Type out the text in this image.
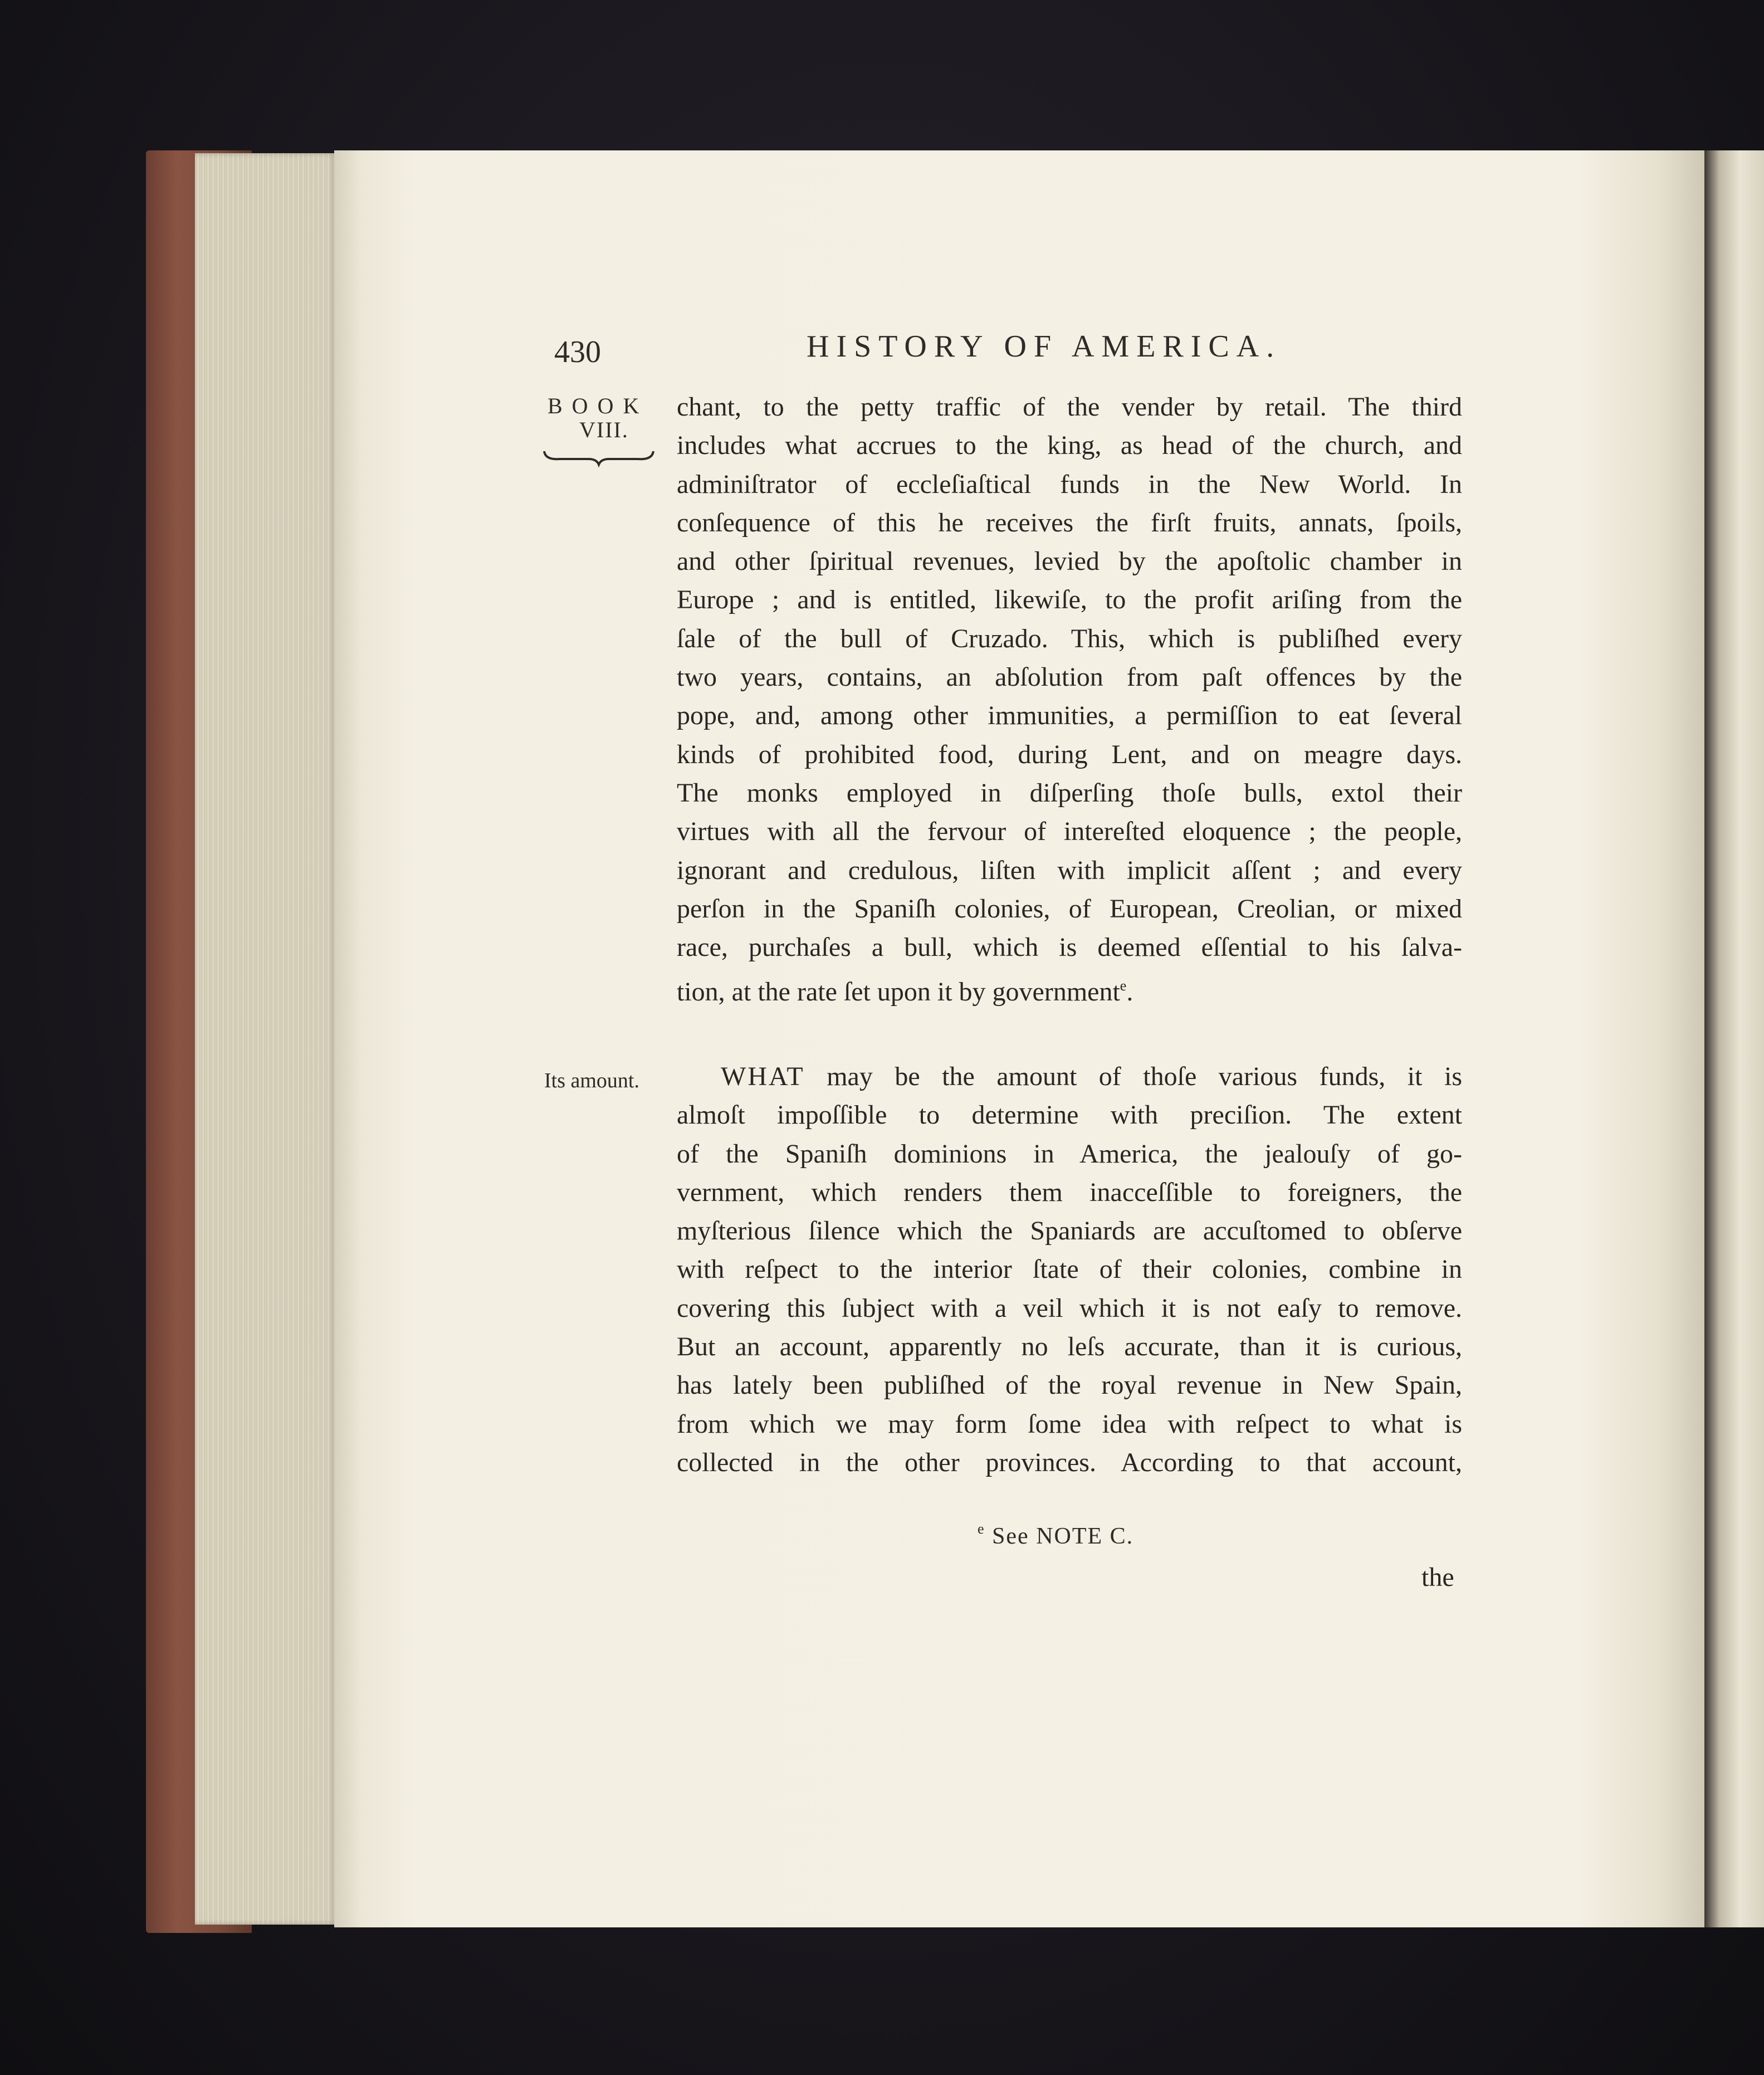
430	HISTORY OF AMERICA.
BOOK
VIII.
Its amount.
chant, to the petty traffic of the vender by retail. The third
includes what accrues to the king, as head of the church, and
adminiſtrator of eccleſiaſtical funds in the New World. In
conſequence of this he receives the firſt fruits, annats, ſpoils,
and other ſpiritual revenues, levied by the apoſtolic chamber in
Europe ; and is entitled, likewiſe, to the profit ariſing from the
ſale of the bull of Cruzado. This, which is publiſhed every
two years, contains, an abſolution from paſt offences by the
pope, and, among other immunities, a permiſſion to eat ſeveral
kinds of prohibited food, during Lent, and on meagre days.
The monks employed in diſperſing thoſe bulls, extol their
virtues with all the fervour of intereſted eloquence ; the people,
ignorant and credulous, liſten with implicit aſſent ; and every
perſon in the Spaniſh colonies, of European, Creolian, or mixed
race, purchaſes a bull, which is deemed eſſential to his ſalva-
tion, at the rate ſet upon it by government$^e$.
WHAT may be the amount of thoſe various funds, it is
almoſt impoſſible to determine with preciſion. The extent
of the Spaniſh dominions in America, the jealouſy of go-
vernment, which renders them inacceſſible to foreigners, the
myſterious ſilence which the Spaniards are accuſtomed to obſerve
with reſpect to the interior ſtate of their colonies, combine in
covering this ſubject with a veil which it is not eaſy to remove.
But an account, apparently no leſs accurate, than it is curious,
has lately been publiſhed of the royal revenue in New Spain,
from which we may form ſome idea with reſpect to what is
collected in the other provinces. According to that account,
$^e$ See NOTE C.
the
